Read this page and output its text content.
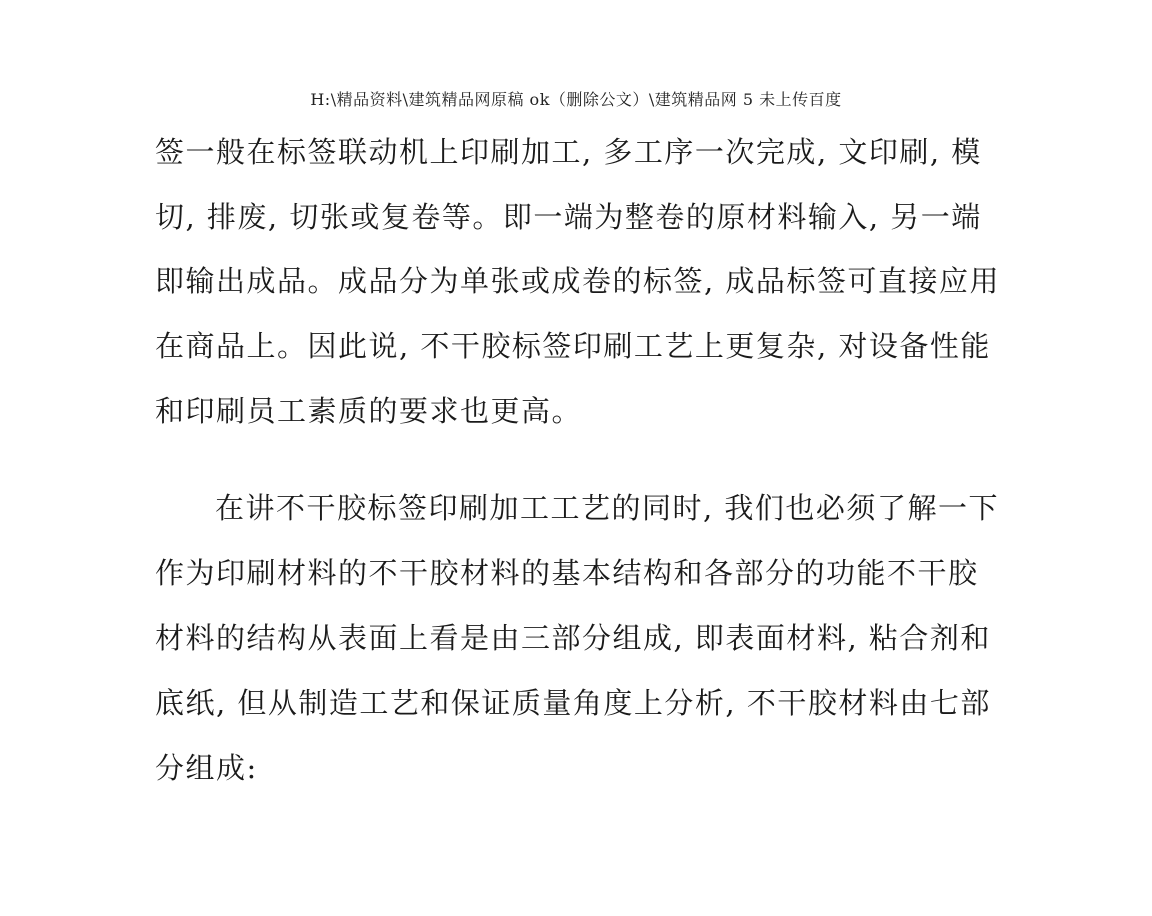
H:\精品资料\建筑精品网原稿 ok（删除公文）\建筑精品网 5 未上传百度
签一般在标签联动机上印刷加工, 多工序一次完成, 文印刷, 模
切, 排废, 切张或复卷等。即一端为整卷的原材料输入, 另一端
即输出成品。成品分为单张或成卷的标签, 成品标签可直接应用
在商品上。因此说, 不干胶标签印刷工艺上更复杂, 对设备性能
和印刷员工素质的要求也更高。
在讲不干胶标签印刷加工工艺的同时, 我们也必须了解一下
作为印刷材料的不干胶材料的基本结构和各部分的功能不干胶
材料的结构从表面上看是由三部分组成, 即表面材料, 粘合剂和
底纸, 但从制造工艺和保证质量角度上分析, 不干胶材料由七部
分组成:
